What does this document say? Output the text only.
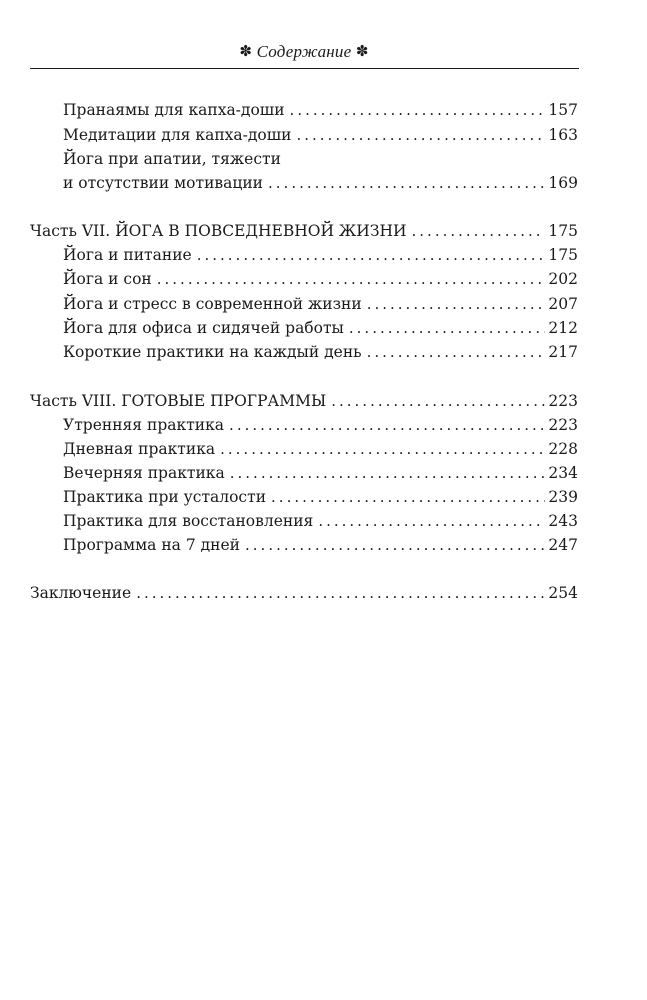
✽ Содержание ✽
Пранаямы для капха-доши .....	157
Медитации для капха-доши .....	163
Йога при апатии, тяжести
и отсутствии мотивации .....	169
Часть VII. ЙОГА В ПОВСЕДНЕВНОЙ ЖИЗНИ .....	175
Йога и питание .....	175
Йога и сон .....	202
Йога и стресс в современной жизни .....	207
Йога для офиса и сидячей работы .....	212
Короткие практики на каждый день .....	217
Часть VIII. ГОТОВЫЕ ПРОГРАММЫ .....	223
Утренняя практика .....	223
Дневная практика .....	228
Вечерняя практика .....	234
Практика при усталости .....	239
Практика для восстановления .....	243
Программа на 7 дней .....	247
Заключение .....	254
